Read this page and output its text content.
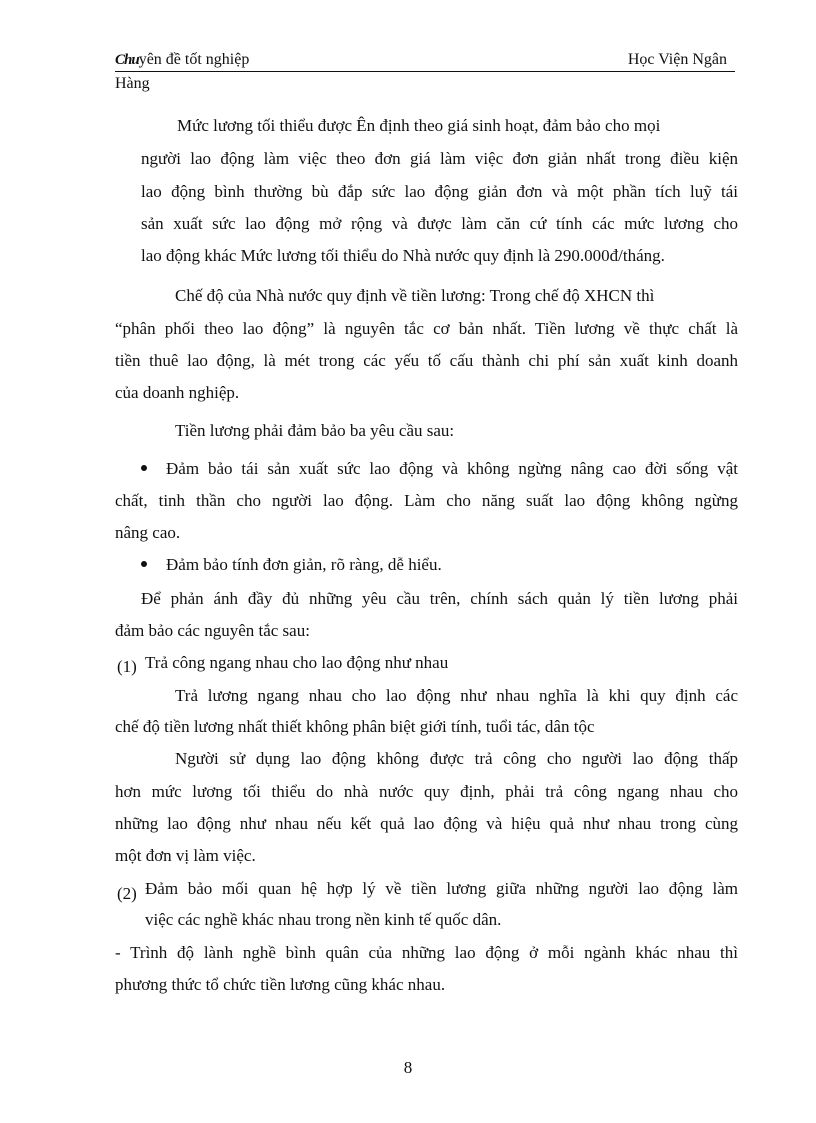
Chuyên đề tốt nghiệp	Học Viện Ngân
Hàng
Mức lương tối thiểu được Ên định theo giá sinh hoạt, đảm bảo cho mọi
người lao động làm việc theo đơn giá làm việc đơn giản nhất trong điều kiện
lao động bình thường bù đắp sức lao động giản đơn và một phần tích luỹ tái
sản xuất sức lao động mở rộng và được làm căn cứ tính các mức lương cho
lao động khác Mức lương tối thiểu do Nhà nước quy định là 290.000đ/tháng.
Chế độ của Nhà nước quy định về tiền lương: Trong chế độ XHCN thì
“phân phối theo lao động” là nguyên tắc cơ bản nhất. Tiền lương về thực chất là
tiền thuê lao động, là mét trong các yếu tố cấu thành chi phí sản xuất kinh doanh
của doanh nghiệp.
Tiền lương phải đảm bảo ba yêu cầu sau:
Đảm bảo tái sản xuất sức lao động và không ngừng nâng cao đời sống vật
chất, tinh thần cho người lao động. Làm cho năng suất lao động không ngừng
nâng cao.
Đảm bảo tính đơn giản, rõ ràng, dễ hiểu.
Để phản ánh đầy đủ những yêu cầu trên, chính sách quản lý tiền lương phải
đảm bảo các nguyên tắc sau:
(1) Trả công ngang nhau cho lao động như nhau
Trả lương ngang nhau cho lao động như nhau nghĩa là khi quy định các
chế độ tiền lương nhất thiết không phân biệt giới tính, tuổi tác, dân tộc
Người sử dụng lao động không được trả công cho người lao động thấp
hơn mức lương tối thiểu do nhà nước quy định, phải trả công ngang nhau cho
những lao động như nhau nếu kết quả lao động và hiệu quả như nhau trong cùng
một đơn vị làm việc.
(2) Đảm bảo mối quan hệ hợp lý về tiền lương giữa những người lao động làm
việc các nghề khác nhau trong nền kinh tế quốc dân.
- Trình độ lành nghề bình quân của những lao động ở mỗi ngành khác nhau thì
phương thức tổ chức tiền lương cũng khác nhau.
8
